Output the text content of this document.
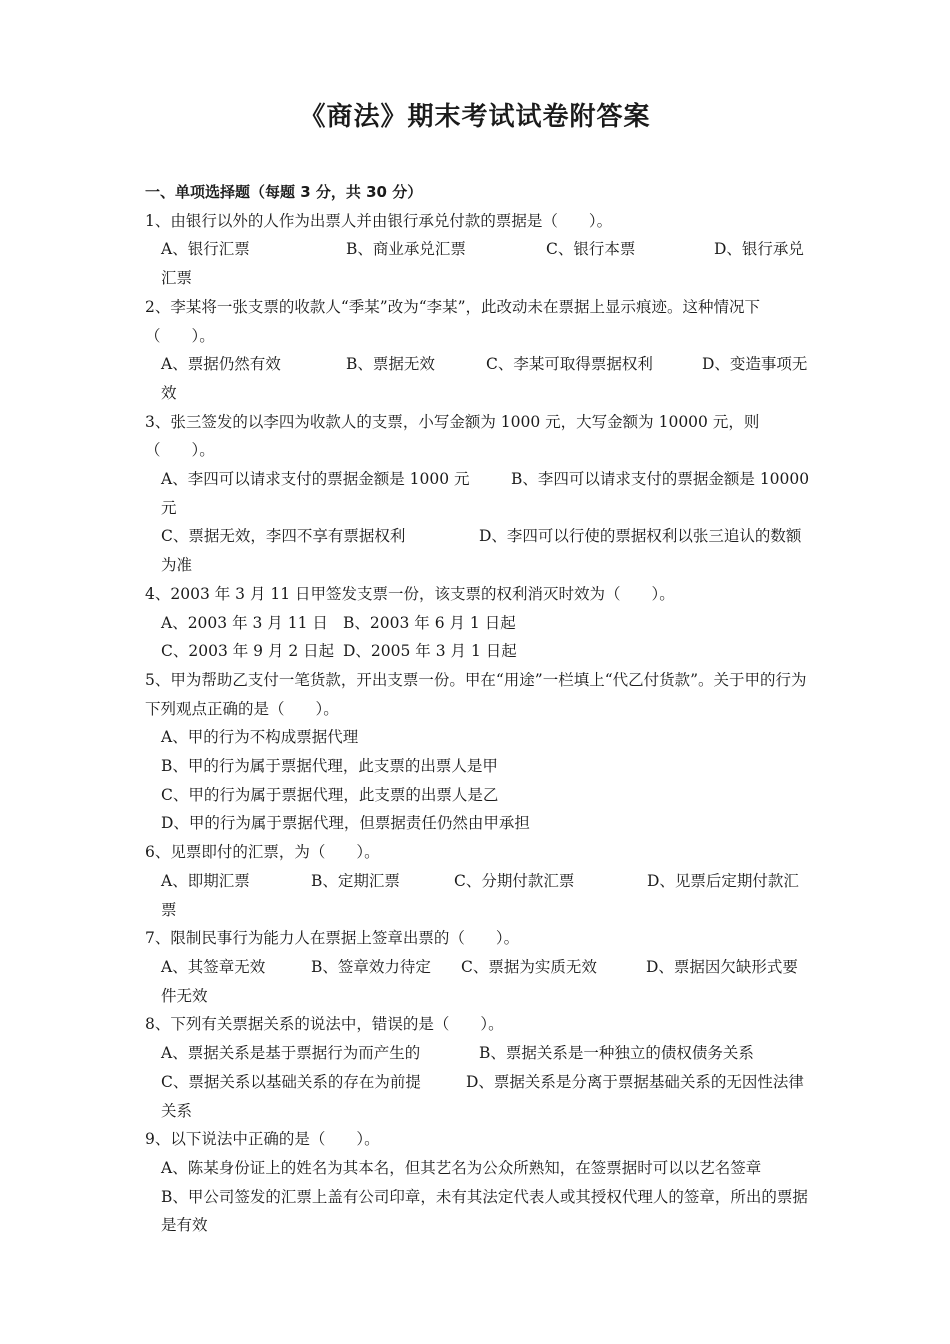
《商法》期末考试试卷附答案
一、单项选择题（每题 3 分，共 30 分）
1、由银行以外的人作为出票人并由银行承兑付款的票据是（　　）。
A、银行汇票	B、商业承兑汇票	C、银行本票	D、银行承兑汇票
2、李某将一张支票的收款人“季某”改为“李某”，此改动未在票据上显示痕迹。这种情况下（　　）。
A、票据仍然有效	B、票据无效	C、李某可取得票据权利	D、变造事项无效
3、张三签发的以李四为收款人的支票，小写金额为 1000 元，大写金额为 10000 元，则（　　）。
A、李四可以请求支付的票据金额是 1000 元	B、李四可以请求支付的票据金额是 10000 元
C、票据无效，李四不享有票据权利	D、李四可以行使的票据权利以张三追认的数额为准
4、2003 年 3 月 11 日甲签发支票一份，该支票的权利消灭时效为（　　）。
A、2003 年 3 月 11 日 B、2003 年 6 月 1 日起
C、2003 年 9 月 2 日起 D、2005 年 3 月 1 日起
5、甲为帮助乙支付一笔货款，开出支票一份。甲在“用途”一栏填上“代乙付货款”。关于甲的行为下列观点正确的是（　　）。
A、甲的行为不构成票据代理
B、甲的行为属于票据代理，此支票的出票人是甲
C、甲的行为属于票据代理，此支票的出票人是乙
D、甲的行为属于票据代理，但票据责任仍然由甲承担
6、见票即付的汇票，为（　　）。
A、即期汇票	B、定期汇票	C、分期付款汇票	D、见票后定期付款汇票
7、限制民事行为能力人在票据上签章出票的（　　）。
A、其签章无效	B、签章效力待定 C、票据为实质无效	D、票据因欠缺形式要件无效
8、下列有关票据关系的说法中，错误的是（　　）。
A、票据关系是基于票据行为而产生的	B、票据关系是一种独立的债权债务关系
C、票据关系以基础关系的存在为前提	D、票据关系是分离于票据基础关系的无因性法律关系
9、以下说法中正确的是（　　）。
A、陈某身份证上的姓名为其本名，但其艺名为公众所熟知，在签票据时可以以艺名签章
B、甲公司签发的汇票上盖有公司印章，未有其法定代表人或其授权代理人的签章，所出的票据是有效
